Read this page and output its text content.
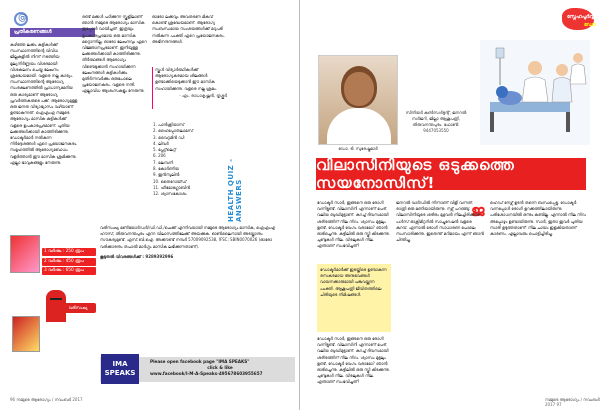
@
പ്രതികരണങ്ങൾ
കഴിഞ്ഞ ലക്കം കുട്ടികൾക്ക് സംസ്ഥാനത്തിന്റെ വിവിധ ജില്ലകളിൽ നിന്ന് നടത്തിയ മൂല്യനിർണ്ണയം വിശദമായി വിശകലനം ചെയ്ത ലേഖനം ശ്രദ്ധേയമായി. വളരെ നല്ല കാര്യം. സംസ്ഥാനത്തിന്റെ ആരോഗ്യ സംരക്ഷണത്തിൽ പ്രാധാന്യമേറിയ ഒരു കാര്യമാണ് ആരോഗ്യ പ്രവർത്തകരുടെ പങ്ക്. ആരോഗ്യമുള്ള ഒരു ജനത വിദ്യാഭ്യാസം വഴിയാണ് ഉണ്ടാകുന്നത്. ഐഎംഎ നമ്മുടെ ആരോഗ്യം മാസിക കുട്ടികൾക്ക് വളരെ ഉപകാരപ്രദമാണ്. പുതിയ ലക്കങ്ങൾക്കായി കാത്തിരിക്കുന്നു. ഡോക്ടർമാർ നൽകുന്ന നിർദ്ദേശങ്ങൾ ഏറെ പ്രയോജനകരം. സമൂഹത്തിൽ ആരോഗ്യബോധം വളർത്താൻ ഈ മാസിക ശ്രമിക്കുന്നു. എല്ലാ ഭാവുകങ്ങളും നേരുന്നു.
രണ്ട് മക്കൾ പഠിക്കുന്ന സ്കൂളിലാണ് ഞാൻ നമ്മുടെ ആരോഗ്യം മാസിക ഇപ്പോൾ വായിച്ചത്. ഇത്രയും ഉപകാരപ്രദമായ ഒരു മാസിക മറ്റൊന്നില്ല. ഓരോ ലേഖനവും ഏറെ വിജ്ഞാനപ്രദമാണ്. ഇനിയുള്ള ലക്കങ്ങൾക്കായി കാത്തിരിക്കുന്നു. തീർത്ഥങ്ങൾ ആരോഗ്യം വീണ്ടെടുക്കാൻ സഹായിക്കുന്ന ലേഖനങ്ങൾ കുട്ടികൾക്കും മുതിർന്നവർക്കും ഒരുപോലെ പ്രയോജനകരം. വളരെ നന്ദി. എല്ലാവിധ ആശംസകളും നേരുന്നു.
ഓരോ ലക്കവും അവതരണ മികവ് കൊണ്ട് ശ്രദ്ധേയമാണ്. ആരോഗ്യ സംബന്ധമായ സംശയങ്ങൾക്ക് മറുപടി നൽകുന്ന പംക്തി ഏറെ പ്രയോജനകരം. അഭിനന്ദനങ്ങൾ.
സ്കൂൾ വിദ്യാർത്ഥികൾക്ക് ആരോഗ്യകരമായ ശീലങ്ങൾ ഉണ്ടാക്കിയെടുക്കാൻ ഈ മാസിക സഹായിക്കുന്നു. വളരെ നല്ല ശ്രമം.
- എം. രാധാകൃഷ്ണൻ, തൃശ്ശൂർ
1. പാൻക്രിയാസ്
2. ഹൈപ്പോതലാമസ്
3. വൈറ്റമിൻ ഡി
4. ലിവർ
5. പ്ലേറ്റ്‌ലെറ്റ്
6. 206
7. മലമ്പനി
8. കോർണിയ
9. ഇൻസുലിൻ
10. തൈറോയ്ഡ്
11. ഹീമോഗ്ലോബിൻ
12. ശ്വാസകോശം	HEALTH QUIZ - ANSWERS
1 വർഷം : 250 രൂപ
2 വർഷം : 450 രൂപ
3 വർഷം : 650 രൂപ
വരിസംഖ്യ അയക്കാൻ
വരിസംഖ്യ മണിയോർഡർ/ഡി.ഡി./ചെക്ക് എന്നിവയായി നമ്മുടെ ആരോഗ്യം മാസിക, ഐഎംഎ ഹൗസ്, തിരുവനന്തപുരം എന്ന വിലാസത്തിലേക്ക് അയക്കുക. ഓൺലൈനായി അടയ്ക്കാനും സൗകര്യമുണ്ട്. എസ്.ബി.ഐ. അക്കൗണ്ട് നമ്പർ 57009092538, IFSC: SBIN0070026 (ഓരോ വരിക്കാരനും തപാൽ മാർഗ്ഗം മാസിക ലഭിക്കുന്നതാണ്).
കൂടുതൽ വിവരങ്ങൾക്ക് : 9289392996
IMA SPEAKS
Please open facebook page "IMA SPEAKS"
click & like
www.facebook/I-M-A-Speaks-495678603955657
96 നമ്മുടെ ആരോഗ്യം / നവംബർ 2017
സ്നേഹപൂർവ്വം
ഡോ
ഡോ. ടി. സുരേഷ്കുമാർ
സീനിയർ കൺസൾട്ടന്റ്, ജനറൽ സർജറി, ജില്ലാ ആശുപത്രി, തിരുവനന്തപുരം. ഫോൺ: 9447053550
വിലാസിനിയുടെ ഒടുക്കത്തെ സയനോസിസ്!
ഡോക്ടർ സാർ, ഇങ്ങനെ ഒരു രോഗി വന്നിട്ടുണ്ട്. വിലാസിനി എന്നാണ് പേര്. വലിയ ബുദ്ധിമുട്ടാണ്. കുറച്ച് ദിവസമായി ശരീരത്തിന് നീല നിറം. ശ്വാസം മുട്ടലും ഉണ്ട്. ഡോക്ടർ വേഗം വരാമോ? ഞാൻ ഓടിച്ചെന്നു. കട്ടിലിൽ ഒരു സ്ത്രീ കിടക്കുന്നു. ചുണ്ടുകൾ നീല. വിരലുകൾ നീല. എന്താണ് സംഭവിച്ചത്?
ഡോക്ടർമാർക്ക് ഇടയ്ക്കിടെ ഉണ്ടാകുന്ന രസകരമായ അനുഭവങ്ങൾ വായനക്കാരുമായി പങ്കുവയ്ക്കുന്ന പംക്തി. ആശുപത്രി ജീവിതത്തിലെ ചിരിയുടെ നിമിഷങ്ങൾ.
ഡോക്ടർ സാർ, ഇങ്ങനെ ഒരു രോഗി വന്നിട്ടുണ്ട്. വിലാസിനി എന്നാണ് പേര്. വലിയ ബുദ്ധിമുട്ടാണ്. കുറച്ച് ദിവസമായി ശരീരത്തിന് നീല നിറം. ശ്വാസം മുട്ടലും ഉണ്ട്. ഡോക്ടർ വേഗം വരാമോ? ഞാൻ ഓടിച്ചെന്നു. കട്ടിലിൽ ഒരു സ്ത്രീ കിടക്കുന്നു. ചുണ്ടുകൾ നീല. വിരലുകൾ നീല. എന്താണ് സംഭവിച്ചത്?
ജ
ജനറൽ വാർഡിൽ നിന്നാണ് വിളി വന്നത്. രാത്രി ഒരു മണിയായിരുന്നു. നഴ്സ് പറഞ്ഞു: വിലാസിനിയുടെ ശരീരം മുഴുവൻ നീലച്ചിരിക്കുന്നു. പൾസ് ഓക്സിമീറ്ററിൽ സാച്ചുറേഷൻ വളരെ കുറവ്. എന്നാൽ രോഗി സാധാരണ പോലെ സംസാരിക്കുന്നു. ഇതെന്ത് മറിമായം എന്ന് ഞാൻ ചിന്തിച്ചു.
ഹെഡ് നേഴ്സ് ഉടൻ തന്നെ ബന്ധപ്പെട്ടു. ഡോക്ടർ വന്നപ്പോൾ രോഗി ഉറക്കത്തിലായിരുന്നു. പരിശോധനയിൽ ഒന്നും കണ്ടില്ല. എന്നാൽ നീല നിറം അപ്പോഴും ഉണ്ടായിരുന്നു. സാർ, ഇതാ ഇവർ പുതിയ സാരി ഉടുത്തതാണ്! നീല ചായം ഇളകിയതാണ് കാരണം. എല്ലാവരും പൊട്ടിച്ചിരിച്ചു.
നമ്മുടെ ആരോഗ്യം / നവംബർ 2017 97
